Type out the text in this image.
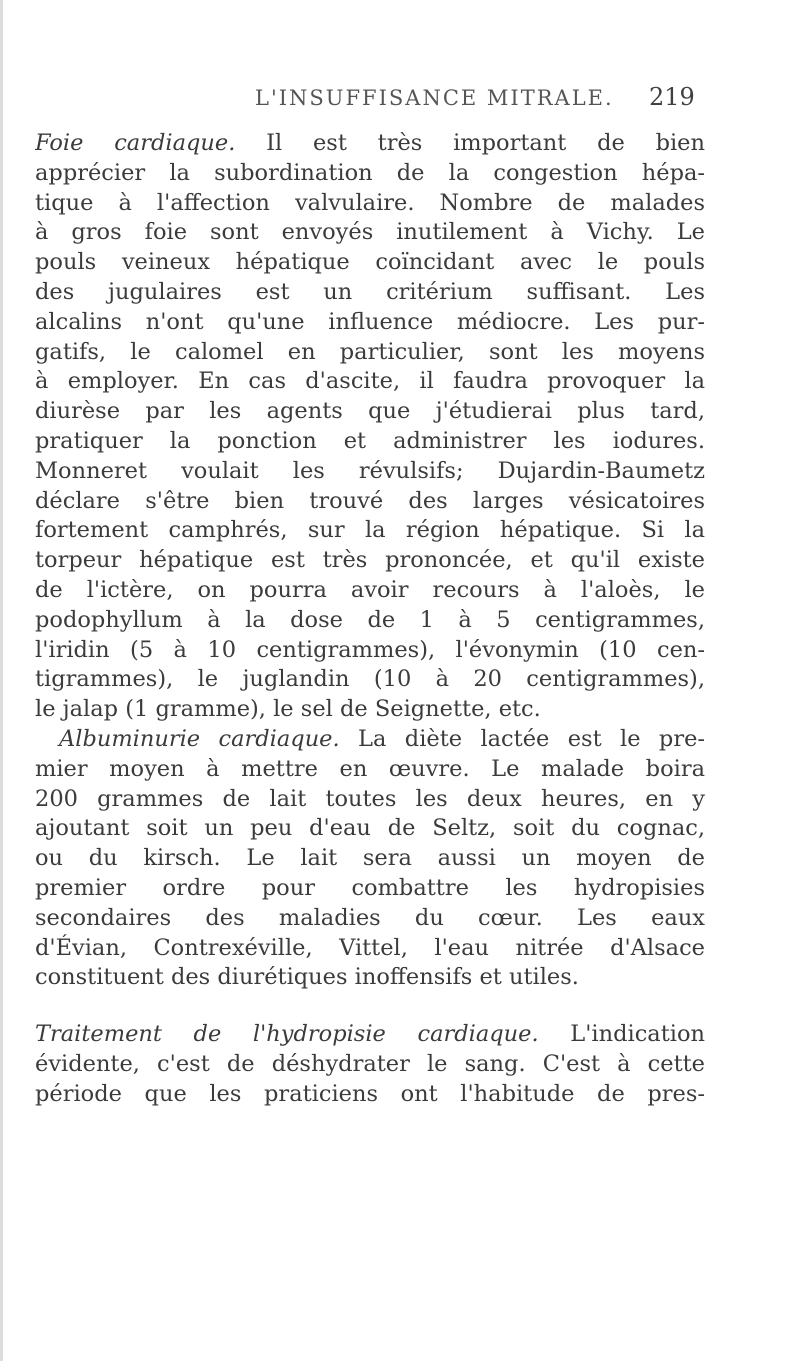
L'INSUFFISANCE MITRALE. 219
Foie cardiaque. Il est très important de bien
apprécier la subordination de la congestion hépa-
tique à l'affection valvulaire. Nombre de malades
à gros foie sont envoyés inutilement à Vichy. Le
pouls veineux hépatique coïncidant avec le pouls
des jugulaires est un critérium suffisant. Les
alcalins n'ont qu'une influence médiocre. Les pur-
gatifs, le calomel en particulier, sont les moyens
à employer. En cas d'ascite, il faudra provoquer la
diurèse par les agents que j'étudierai plus tard,
pratiquer la ponction et administrer les iodures.
Monneret voulait les révulsifs; Dujardin-Baumetz
déclare s'être bien trouvé des larges vésicatoires
fortement camphrés, sur la région hépatique. Si la
torpeur hépatique est très prononcée, et qu'il existe
de l'ictère, on pourra avoir recours à l'aloès, le
podophyllum à la dose de 1 à 5 centigrammes,
l'iridin (5 à 10 centigrammes), l'évonymin (10 cen-
tigrammes), le juglandin (10 à 20 centigrammes),
le jalap (1 gramme), le sel de Seignette, etc.
Albuminurie cardiaque. La diète lactée est le pre-
mier moyen à mettre en œuvre. Le malade boira
200 grammes de lait toutes les deux heures, en y
ajoutant soit un peu d'eau de Seltz, soit du cognac,
ou du kirsch. Le lait sera aussi un moyen de
premier ordre pour combattre les hydropisies
secondaires des maladies du cœur. Les eaux
d'Évian, Contrexéville, Vittel, l'eau nitrée d'Alsace
constituent des diurétiques inoffensifs et utiles.
Traitement de l'hydropisie cardiaque. L'indication
évidente, c'est de déshydrater le sang. C'est à cette
période que les praticiens ont l'habitude de pres-
